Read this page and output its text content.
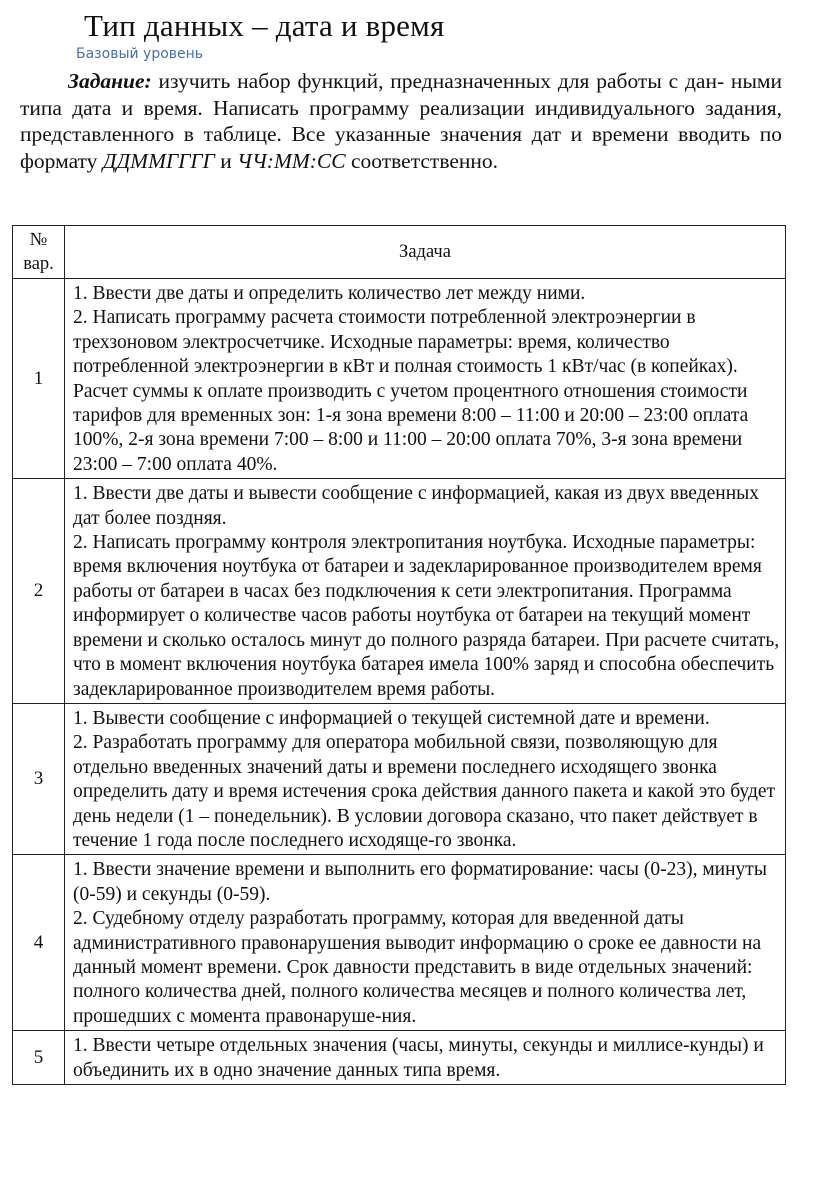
Тип данных – дата и время
Базовый уровень

Задание: изучить набор функций, предназначенных для работы с дан- ными типа дата и время. Написать программу реализации индивидуального задания, представленного в таблице. Все указанные значения дат и времени вводить по формату ДДММГГГГ и ЧЧ:ММ:СС соответственно.

№ вар.	Задача
1	1. Ввести две даты и определить количество лет между ними.
2. Написать программу расчета стоимости потребленной электроэнергии в трехзоновом электросчетчике. Исходные параметры: время, количество потребленной электроэнергии в кВт и полная стоимость 1 кВт/час (в копейках). Расчет суммы к оплате производить с учетом процентного отношения стоимости тарифов для временных зон: 1-я зона времени 8:00 – 11:00 и 20:00 – 23:00 оплата 100%, 2-я зона времени 7:00 – 8:00 и 11:00 – 20:00 оплата 70%, 3-я зона времени 23:00 – 7:00 оплата 40%.

2	1. Ввести две даты и вывести сообщение с информацией, какая из двух введенных дат более поздняя.
2. Написать программу контроля электропитания ноутбука. Исходные параметры: время включения ноутбука от батареи и задекларированное производителем время работы от батареи в часах без подключения к сети электропитания. Программа информирует о количестве часов работы ноутбука от батареи на текущий момент времени и сколько осталось минут до полного разряда батареи. При расчете считать, что в момент включения ноутбука батарея имела 100% заряд и способна обеспечить задекларированное производителем время работы.

3	1. Вывести сообщение с информацией о текущей системной дате и времени.
2. Разработать программу для оператора мобильной связи, позволяющую для отдельно введенных значений даты и времени последнего исходящего звонка определить дату и время истечения срока действия данного пакета и какой это будет день недели (1 – понедельник). В условии договора сказано, что пакет действует в течение 1 года после последнего исходяще-го звонка.

4	1. Ввести значение времени и выполнить его форматирование: часы (0-23), минуты (0-59) и секунды (0-59).
2. Судебному отделу разработать программу, которая для введенной даты административного правонарушения выводит информацию о сроке ее давности на данный момент времени. Срок давности представить в виде отдельных значений: полного количества дней, полного количества месяцев и полного количества лет, прошедших с момента правонаруше-ния.

5	1. Ввести четыре отдельных значения (часы, минуты, секунды и миллисе-кунды) и объединить их в одно значение данных типа время.
